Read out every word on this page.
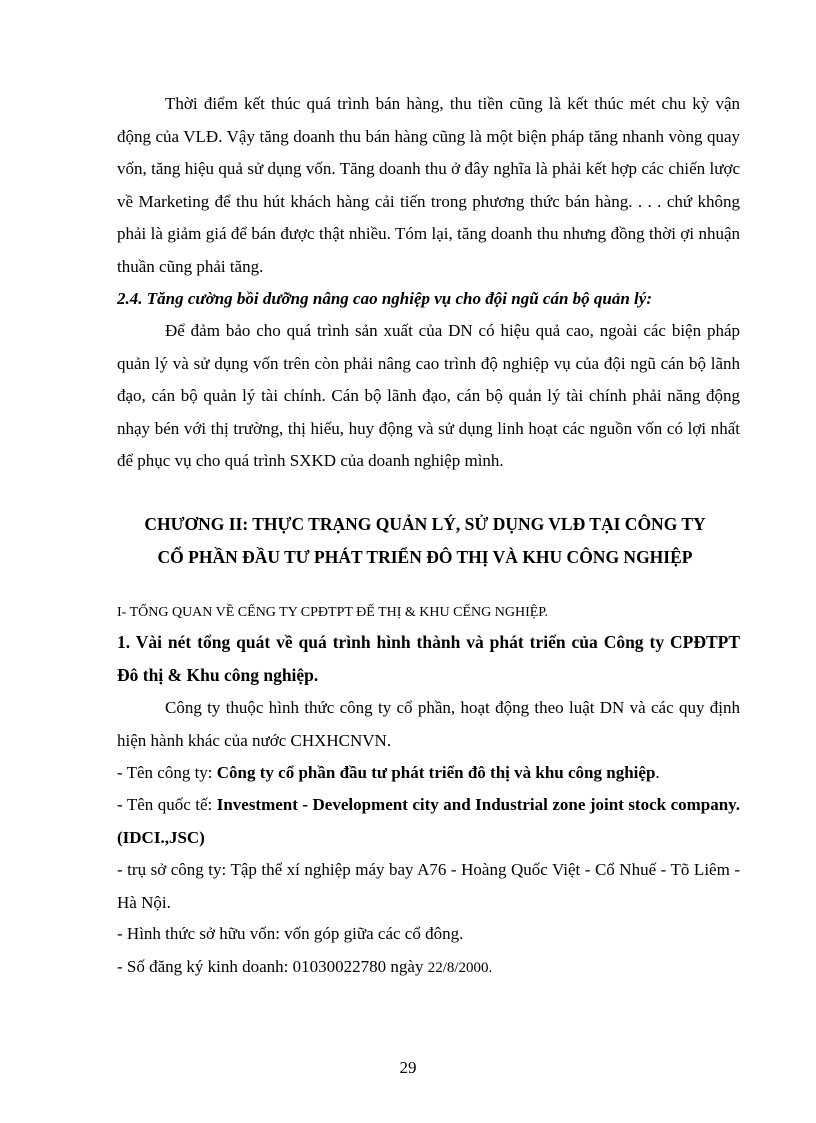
Thời điểm kết thúc quá trình bán hàng, thu tiền cũng là kết thúc mét chu kỳ vận động của VLĐ. Vậy tăng doanh thu bán hàng cũng là một biện pháp tăng nhanh vòng quay vốn, tăng hiệu quả sử dụng vốn. Tăng doanh thu ở đây nghĩa là phải kết hợp các chiến lược về Marketing để thu hút khách hàng cải tiến trong phương thức bán hàng. . . . chứ không phải là giảm giá để bán được thật nhiều. Tóm lại, tăng doanh thu nhưng đồng thời ợi nhuận thuần cũng phải tăng.

2.4. Tăng cường bồi dưỡng nâng cao nghiệp vụ cho đội ngũ cán bộ quản lý:

Để đảm bảo cho quá trình sản xuất của DN có hiệu quả cao, ngoài các biện pháp quản lý và sử dụng vốn trên còn phải nâng cao trình độ nghiệp vụ của đội ngũ cán bộ lãnh đạo, cán bộ quản lý tài chính. Cán bộ lãnh đạo, cán bộ quản lý tài chính phải năng động nhạy bén với thị trường, thị hiếu, huy động và sử dụng linh hoạt các nguồn vốn có lợi nhất để phục vụ cho quá trình SXKD của doanh nghiệp mình.

CHƯƠNG II: THỰC TRẠNG QUẢN LÝ, SỬ DỤNG VLĐ TẠI CÔNG TY

CỔ PHẦN ĐẦU TƯ PHÁT TRIỂN ĐÔ THỊ VÀ KHU CÔNG NGHIỆP

I- TỔNG QUAN VỀ CẾNG TY CPĐTPT ĐẾ THỊ & KHU CẾNG NGHIỆP.

1. Vài nét tổng quát về quá trình hình thành và phát triển của Công ty CPĐTPT Đô thị & Khu công nghiệp.

Công ty thuộc hình thức công ty cổ phần, hoạt động theo luật DN và các quy định hiện hành khác của nước CHXHCNVN.

- Tên công ty: Công ty cổ phần đầu tư phát triển đô thị và khu công nghiệp.

- Tên quốc tế: Investment - Development city and Industrial zone joint stock company.(IDCI.,JSC)

- trụ sở công ty: Tập thể xí nghiệp máy bay A76 - Hoàng Quốc Việt - Cổ Nhuế - Tõ Liêm - Hà Nội.

- Hình thức sở hữu vốn: vốn góp giữa các cổ đông.

- Số đăng ký kinh doanh: 01030022780 ngày 22/8/2000.

29
